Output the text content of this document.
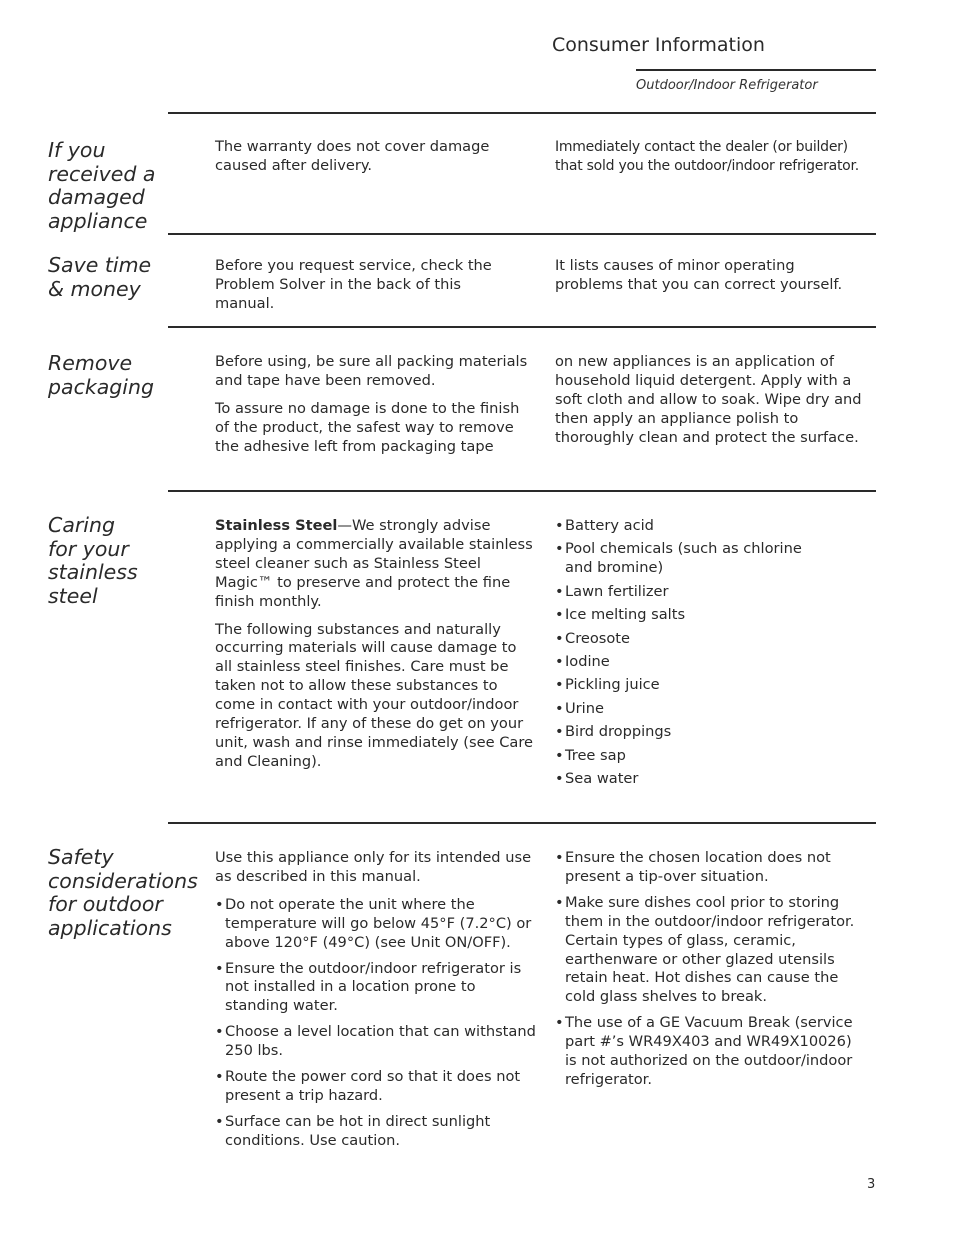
Consumer Information
Outdoor/Indoor Refrigerator
If you received a damaged appliance

The warranty does not cover damage caused after delivery.

Immediately contact the dealer (or builder) that sold you the outdoor/indoor refrigerator.

Save time & money

Before you request service, check the Problem Solver in the back of this manual.

It lists causes of minor operating problems that you can correct yourself.

Remove packaging

Before using, be sure all packing materials and tape have been removed.

To assure no damage is done to the finish of the product, the safest way to remove the adhesive left from packaging tape

on new appliances is an application of household liquid detergent. Apply with a soft cloth and allow to soak. Wipe dry and then apply an appliance polish to thoroughly clean and protect the surface.

Caring for your stainless steel

Stainless Steel—We strongly advise applying a commercially available stainless steel cleaner such as Stainless Steel Magic™ to preserve and protect the fine finish monthly.

The following substances and naturally occurring materials will cause damage to all stainless steel finishes. Care must be taken not to allow these substances to come in contact with your outdoor/indoor refrigerator. If any of these do get on your unit, wash and rinse immediately (see Care and Cleaning).

• Battery acid
• Pool chemicals (such as chlorine and bromine)
• Lawn fertilizer
• Ice melting salts
• Creosote
• Iodine
• Pickling juice
• Urine
• Bird droppings
• Tree sap
• Sea water
Safety considerations for outdoor applications

Use this appliance only for its intended use as described in this manual.

• Do not operate the unit where the temperature will go below 45°F (7.2°C) or above 120°F (49°C) (see Unit ON/OFF).
• Ensure the outdoor/indoor refrigerator is not installed in a location prone to standing water.
• Choose a level location that can withstand 250 lbs.
• Route the power cord so that it does not present a trip hazard.
• Surface can be hot in direct sunlight conditions. Use caution.
• Ensure the chosen location does not present a tip-over situation.
• Make sure dishes cool prior to storing them in the outdoor/indoor refrigerator. Certain types of glass, ceramic, earthenware or other glazed utensils retain heat. Hot dishes can cause the cold glass shelves to break.
• The use of a GE Vacuum Break (service part #’s WR49X403 and WR49X10026) is not authorized on the outdoor/indoor refrigerator.
3
